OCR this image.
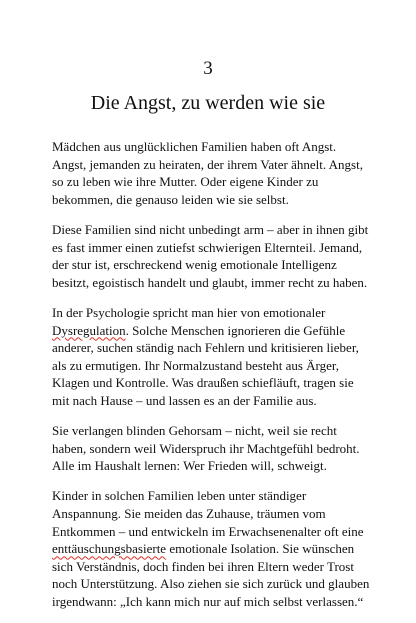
3
Die Angst, zu werden wie sie

Mädchen aus unglücklichen Familien haben oft Angst. Angst, jemanden zu heiraten, der ihrem Vater ähnelt. Angst, so zu leben wie ihre Mutter. Oder eigene Kinder zu bekommen, die genauso leiden wie sie selbst.

Diese Familien sind nicht unbedingt arm – aber in ihnen gibt es fast immer einen zutiefst schwierigen Elternteil. Jemand, der stur ist, erschreckend wenig emotionale Intelligenz besitzt, egoistisch handelt und glaubt, immer recht zu haben.

In der Psychologie spricht man hier von emotionaler Dysregulation. Solche Menschen ignorieren die Gefühle anderer, suchen ständig nach Fehlern und kritisieren lieber, als zu ermutigen. Ihr Normalzustand besteht aus Ärger, Klagen und Kontrolle. Was draußen schiefläuft, tragen sie mit nach Hause – und lassen es an der Familie aus.

Sie verlangen blinden Gehorsam – nicht, weil sie recht haben, sondern weil Widerspruch ihr Machtgefühl bedroht. Alle im Haushalt lernen: Wer Frieden will, schweigt.

Kinder in solchen Familien leben unter ständiger Anspannung. Sie meiden das Zuhause, träumen vom Entkommen – und entwickeln im Erwachsenenalter oft eine enttäuschungsbasierte emotionale Isolation. Sie wünschen sich Verständnis, doch finden bei ihren Eltern weder Trost noch Unterstützung. Also ziehen sie sich zurück und glauben irgendwann: „Ich kann mich nur auf mich selbst verlassen.“
